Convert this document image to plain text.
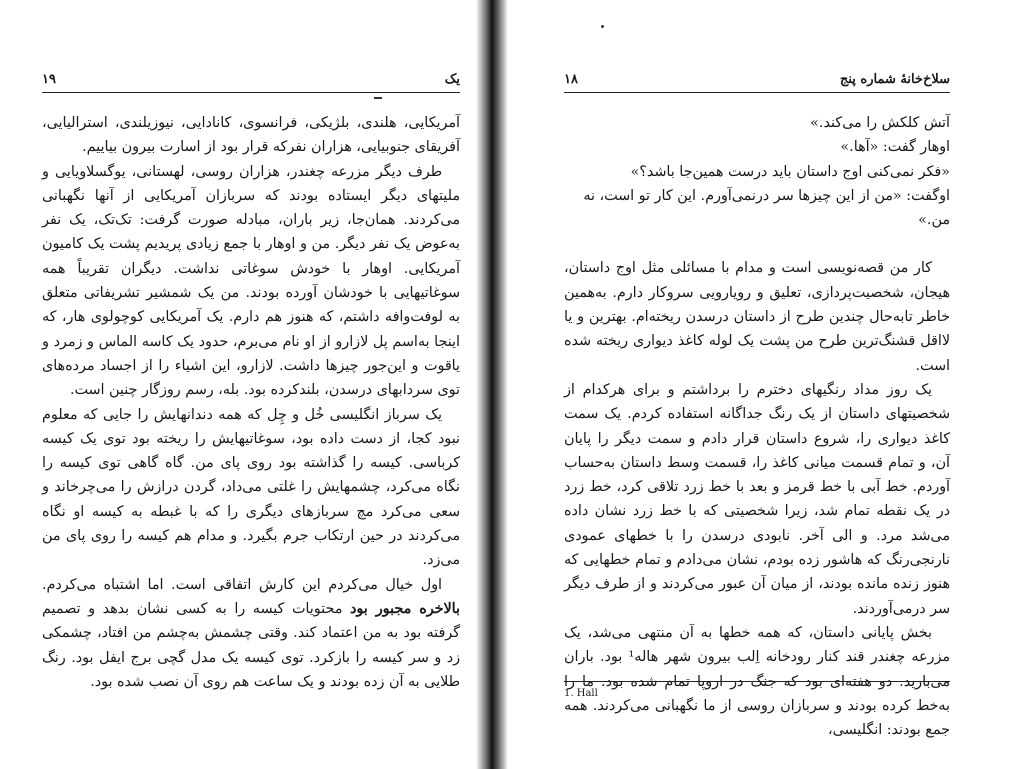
۱۹	یک

آمریکایی، هلندی، بلژیکی، فرانسوی، کانادایی، نیوزیلندی، استرالیایی، آفریقای جنوبیایی، هزاران نفرکه قرار بود از اسارت بیرون بیاییم.

طرف دیگر مزرعه چغندر، هزاران روسی، لهستانی، یوگسلاویایی و ملیتهای دیگر ایستاده بودند که سربازان آمریکایی از آنها نگهبانی می‌کردند. همان‌جا، زیر باران، مبادله صورت گرفت: تک‌تک، یک نفر به‌عوض یک نفر دیگر. من و اوهار با جمع زیادی پریدیم پشت یک کامیون آمریکایی. اوهار با خودش سوغاتی نداشت. دیگران تقریباً همه سوغاتیهایی با خودشان آورده بودند. من یک شمشیر تشریفاتی متعلق به لوفت‌وافه داشتم، که هنوز هم دارم. یک آمریکایی کوچولوی هار، که اینجا به‌اسم پل لازارو از او نام می‌برم، حدود یک کاسه الماس و زمرد و یاقوت و این‌جور چیزها داشت. لازارو، این اشیاء را از اجساد مرده‌های توی سردابهای درسدن، بلندکرده بود. بله، رسم روزگار چنین است.

یک سرباز انگلیسی خُل و چِل که همه دندانهایش را جایی که معلوم نبود کجا، از دست داده بود، سوغاتیهایش را ریخته بود توی یک کیسه کرباسی. کیسه را گذاشته بود روی پای من. گاه گاهی توی کیسه را نگاه می‌کرد، چشمهایش را غلتی می‌داد، گردن درازش را می‌چرخاند و سعی می‌کرد مچ سربازهای دیگری را که با غبطه به کیسه او نگاه می‌کردند در حین ارتکاب جرم بگیرد. و مدام هم کیسه را روی پای من می‌زد.

اول خیال می‌کردم این کارش اتفاقی است. اما اشتباه می‌کردم. بالاخره مجبور بود محتویات کیسه را به کسی نشان بدهد و تصمیم گرفته بود به من اعتماد کند. وقتی چشمش به‌چشم من افتاد، چشمکی زد و سر کیسه را بازکرد. توی کیسه یک مدل گچی برج ایفل بود. رنگ طلایی به آن زده بودند و یک ساعت هم روی آن نصب شده بود.

۱۸	سلاخ‌خانهٔ شماره پنج

آتش کلکش را می‌کند.»

اوهار گفت: «آها.»

«فکر نمی‌کنی اوج داستان باید درست همین‌جا باشد؟»

اوگفت: «من از این چیزها سر درنمی‌آورم. این کار تو است، نه من.»

کار من قصه‌نویسی است و مدام با مسائلی مثل اوج داستان، هیجان، شخصیت‌پردازی، تعلیق و رویارویی سروکار دارم. به‌همین خاطر تابه‌حال چندین طرح از داستان درسدن ریخته‌ام. بهترین و یا لااقل قشنگ‌ترین طرح من پشت یک لوله کاغذ دیواری ریخته شده است.

یک روز مداد رنگیهای دخترم را برداشتم و برای هرکدام از شخصیتهای داستان از یک رنگ جداگانه استفاده کردم. یک سمت کاغذ دیواری را، شروع داستان قرار دادم و سمت دیگر را پایان آن، و تمام قسمت میانی کاغذ را، قسمت وسط داستان به‌حساب آوردم. خط آبی با خط قرمز و بعد با خط زرد تلاقی کرد، خط زرد در یک نقطه تمام شد، زیرا شخصیتی که با خط زرد نشان داده می‌شد مرد. و الی آخر. نابودی درسدن را با خطهای عمودی نارنجی‌رنگ که هاشور زده بودم، نشان می‌دادم و تمام خطهایی که هنوز زنده مانده بودند، از میان آن عبور می‌کردند و از طرف دیگر سر درمی‌آوردند.

بخش پایانی داستان، که همه خطها به آن منتهی می‌شد، یک مزرعه چغندر قند کنار رودخانه اِلب بیرون شهر هاله¹ بود. باران می‌بارید. دو هفته‌ای بود که جنگ در اروپا تمام شده بود. ما را به‌خط کرده بودند و سربازان روسی از ما نگهبانی می‌کردند. همه جمع بودند: انگلیسی،

1. Hall
